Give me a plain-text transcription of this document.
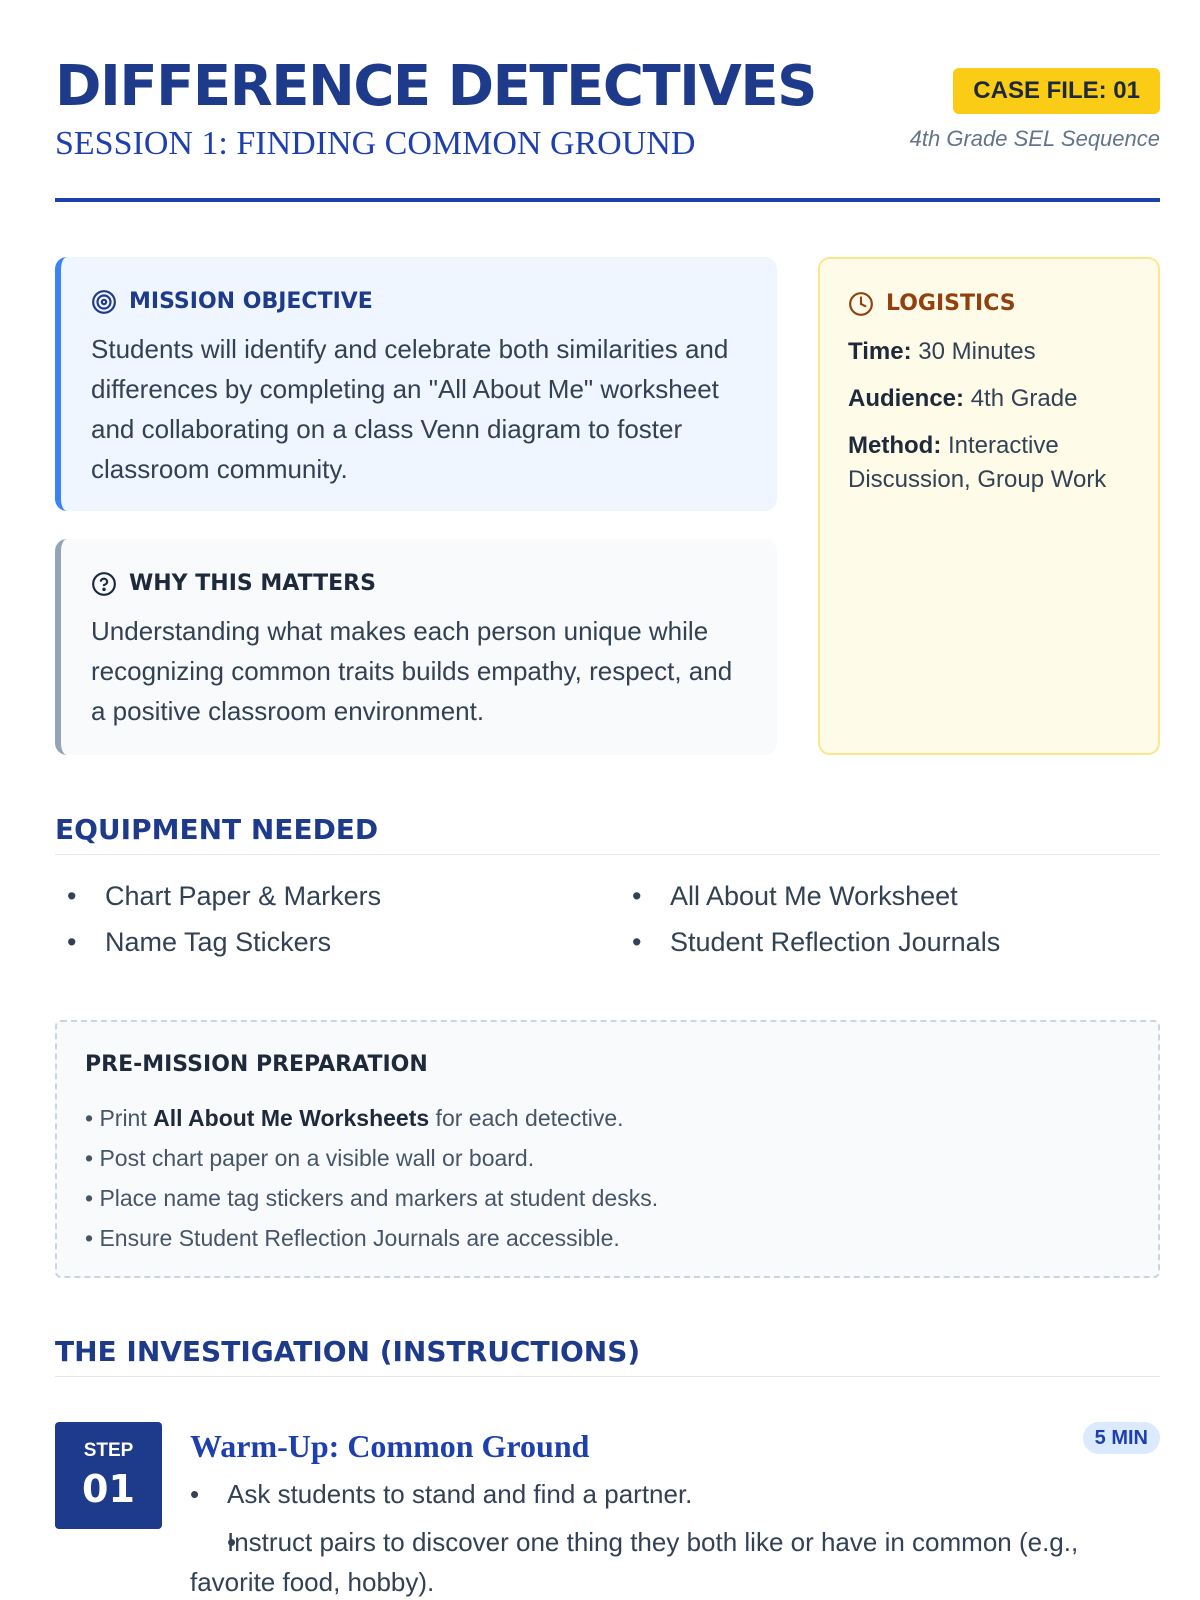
DIFFERENCE DETECTIVES
SESSION 1: FINDING COMMON GROUND
CASE FILE: 01
4th Grade SEL Sequence
MISSION OBJECTIVE
Students will identify and celebrate both similarities and differences by completing an "All About Me" worksheet and collaborating on a class Venn diagram to foster classroom community.
WHY THIS MATTERS
Understanding what makes each person unique while recognizing common traits builds empathy, respect, and a positive classroom environment.
LOGISTICS
Time: 30 Minutes
Audience: 4th Grade
Method: Interactive Discussion, Group Work
EQUIPMENT NEEDED
• Chart Paper & Markers	• All About Me Worksheet
• Name Tag Stickers	• Student Reflection Journals
PRE-MISSION PREPARATION
• Print All About Me Worksheets for each detective.
• Post chart paper on a visible wall or board.
• Place name tag stickers and markers at student desks.
• Ensure Student Reflection Journals are accessible.
THE INVESTIGATION (INSTRUCTIONS)
STEP
01
Warm-Up: Common Ground	5 MIN
• Ask students to stand and find a partner.
• Instruct pairs to discover one thing they both like or have in common (e.g., favorite food, hobby).
